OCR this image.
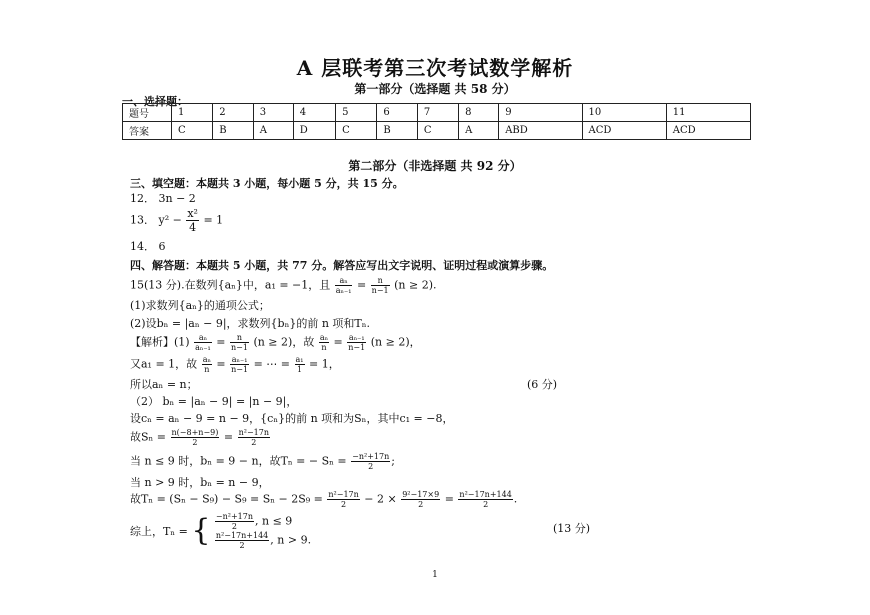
A 层联考第三次考试数学解析
第一部分（选择题 共 58 分）
一、选择题：
题号	1	2	3	4	5	6	7	8	9	10	11
答案	C	B	A	D	C	B	C	A	ABD	ACD	ACD
第二部分（非选择题 共 92 分）
三、填空题：本题共 3 小题，每小题 5 分，共 15 分。
12． 3n − 2
13． $y^2 - \frac{\text{x²}}{4} = 1$
14． 6
四、解答题：本题共 5 小题，共 77 分。解答应写出文字说明、证明过程或演算步骤。
15(13 分).在数列{aₙ}中，a₁ = −1，且 $\frac{\text{aₙ}}{\text{aₙ₋₁}} = \frac{n}{n-1} (n \ge 2)$.
(1)求数列{aₙ}的通项公式；
(2)设bₙ = |aₙ − 9|，求数列{bₙ}的前 n 项和Tₙ.
【解析】$(1) \frac{\text{aₙ}}{\text{aₙ₋₁}} = \frac{n}{n-1} (n \ge 2)$，故 $\frac{\text{aₙ}}{n} = \frac{\text{aₙ₋₁}}{n-1} (n \ge 2)$，
又a₁ = 1，故 $\frac{\text{aₙ}}{n} = \frac{\text{aₙ₋₁}}{n-1}$ = ⋯ = $\frac{\text{a₁}}{1} = 1$，
所以aₙ = n；	(6 分)
（2） bₙ = |aₙ − 9| = |n − 9|，
设cₙ = aₙ − 9 = n − 9，{cₙ}的前 n 项和为Sₙ，其中c₁ = −8，
故$S_n = \frac{n(-8+n-9)}{2} = \frac{\text{n²−17n}}{2}$
当 n ≤ 9 时，bₙ = 9 − n，故Tₙ = − $S_n = \frac{\text{−n²+17n}}{2}$ ;
当 n > 9 时，bₙ = n − 9，
故$T_n = (S_n - S_9) - S_9 = S_n - 2S_9 = \frac{\text{n²−17n}}{2} - 2 \times \frac{\text{9²−17×9}}{2} = \frac{\text{n²−17n+144}}{2}$ .
综上，Tₙ = { $\frac{\text{−n²+17n}}{2}$ , n ≤ 9
$\frac{\text{n²−17n+144}}{2}$ , n > 9.
(13 分)
1
